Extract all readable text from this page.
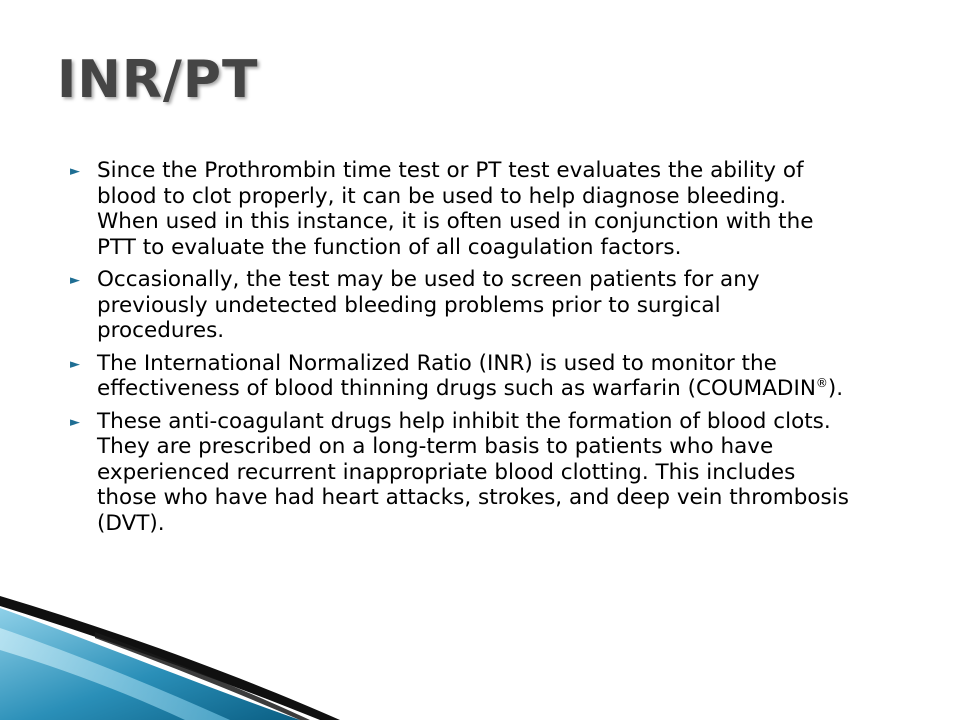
INR/PT
► Since the Prothrombin time test or PT test evaluates the ability of blood to clot properly, it can be used to help diagnose bleeding. When used in this instance, it is often used in conjunction with the PTT to evaluate the function of all coagulation factors.
► Occasionally, the test may be used to screen patients for any previously undetected bleeding problems prior to surgical procedures.
► The International Normalized Ratio (INR) is used to monitor the effectiveness of blood thinning drugs such as warfarin (COUMADIN®).
► These anti-coagulant drugs help inhibit the formation of blood clots. They are prescribed on a long-term basis to patients who have experienced recurrent inappropriate blood clotting. This includes those who have had heart attacks, strokes, and deep vein thrombosis (DVT).
